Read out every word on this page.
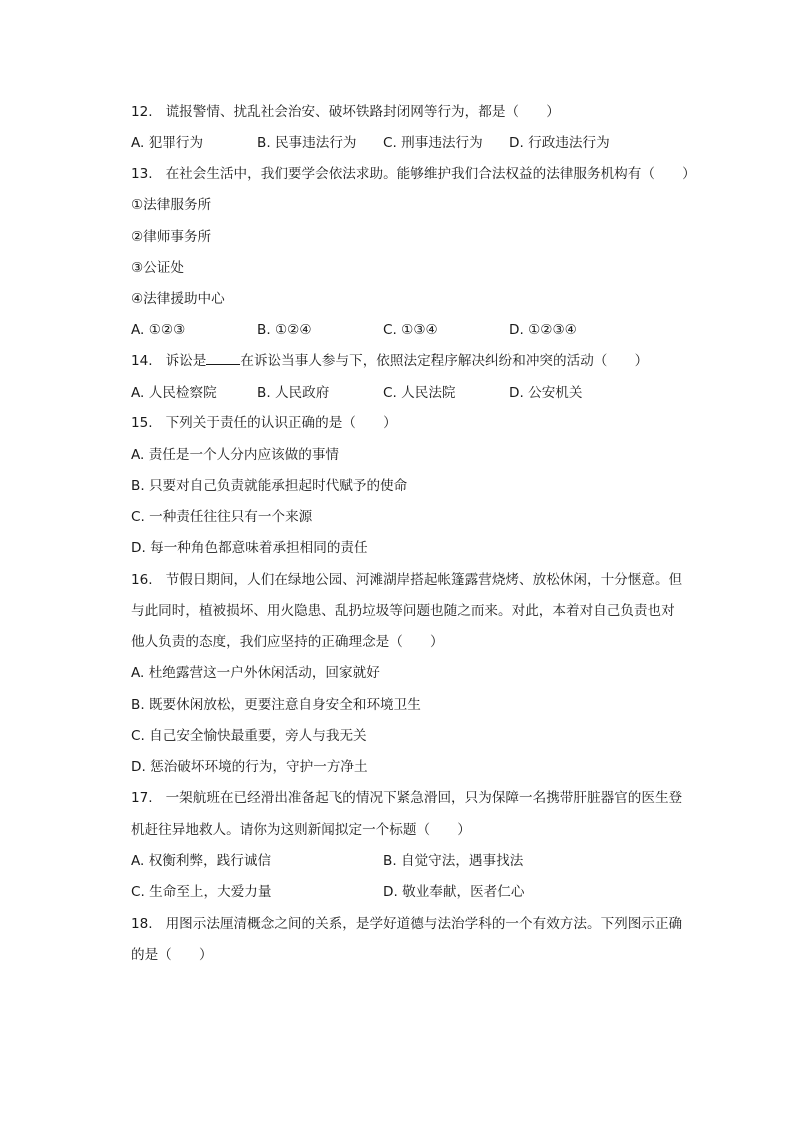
12.   谎报警情、扰乱社会治安、破坏铁路封闭网等行为，都是（　　）
A. 犯罪行为	B. 民事违法行为 C. 刑事违法行为 D. 行政违法行为
13.   在社会生活中，我们要学会依法求助。能够维护我们合法权益的法律服务机构有（　　）
①法律服务所
②律师事务所
③公证处
④法律援助中心
A. ①②③	B. ①②④	C. ①③④	D. ①②③④
14.   诉讼是	在诉讼当事人参与下，依照法定程序解决纠纷和冲突的活动（　　）
A. 人民检察院	B. 人民政府	C. 人民法院	D. 公安机关
15.   下列关于责任的认识正确的是（　　）
A. 责任是一个人分内应该做的事情
B. 只要对自己负责就能承担起时代赋予的使命
C. 一种责任往往只有一个来源
D. 每一种角色都意味着承担相同的责任
16.   节假日期间，人们在绿地公园、河滩湖岸搭起帐篷露营烧烤、放松休闲，十分惬意。但
与此同时，植被损坏、用火隐患、乱扔垃圾等问题也随之而来。对此，本着对自己负责也对
他人负责的态度，我们应坚持的正确理念是（　　）
A. 杜绝露营这一户外休闲活动，回家就好
B. 既要休闲放松，更要注意自身安全和环境卫生
C. 自己安全愉快最重要，旁人与我无关
D. 惩治破坏环境的行为，守护一方净土
17.   一架航班在已经滑出准备起飞的情况下紧急滑回，只为保障一名携带肝脏器官的医生登
机赶往异地救人。请你为这则新闻拟定一个标题（　　）
A. 权衡利弊，践行诚信	B. 自觉守法，遇事找法
C. 生命至上，大爱力量	D. 敬业奉献，医者仁心
18.   用图示法厘清概念之间的关系，是学好道德与法治学科的一个有效方法。下列图示正确
的是（　　）
